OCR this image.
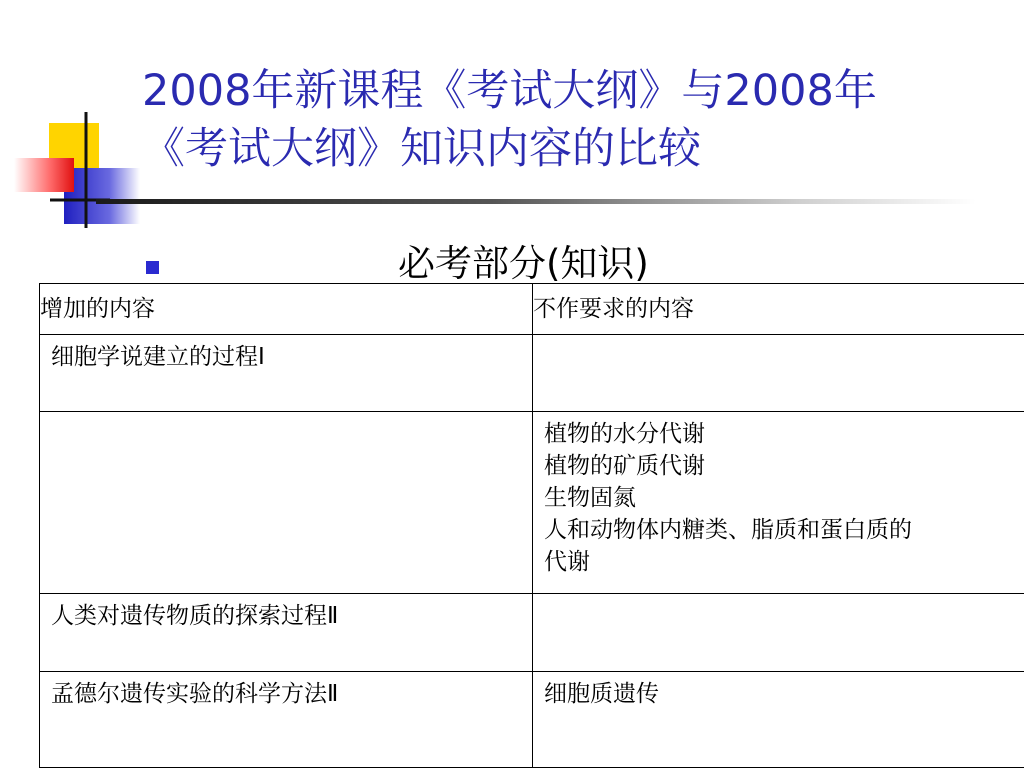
2008年新课程《考试大纲》与2008年
《考试大纲》知识内容的比较
必考部分(知识)
增加的内容	不作要求的内容

细胞学说建立的过程Ⅰ	

	植物的水分代谢
植物的矿质代谢
生物固氮
人和动物体内糖类、脂质和蛋白质的
代谢

人类对遗传物质的探索过程Ⅱ	

孟德尔遗传实验的科学方法Ⅱ	细胞质遗传
